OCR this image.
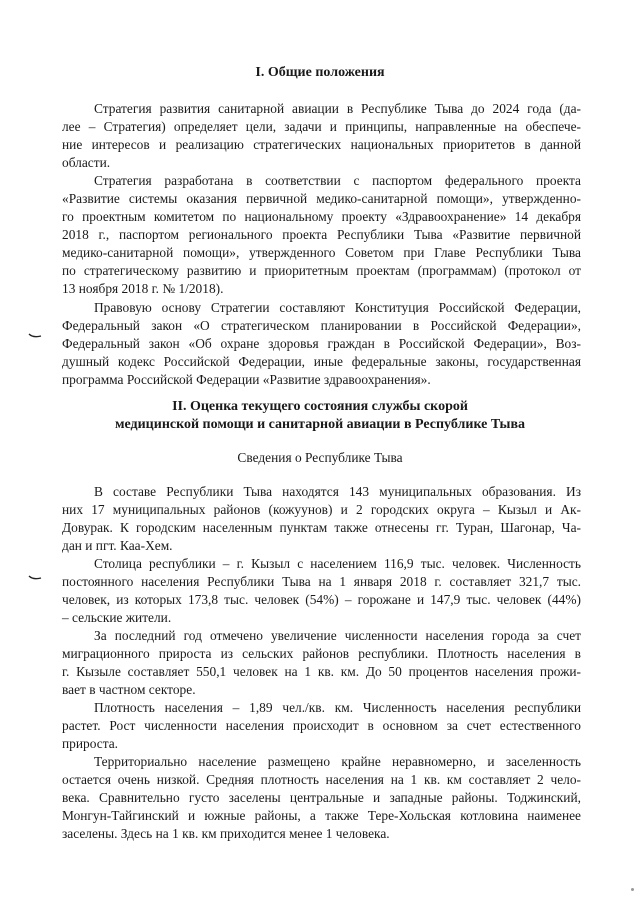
I. Общие положения
Стратегия развития санитарной авиации в Республике Тыва до 2024 года (да-
лее – Стратегия) определяет цели, задачи и принципы, направленные на обеспече-
ние интересов и реализацию стратегических национальных приоритетов в данной
области.
Стратегия разработана в соответствии с паспортом федерального проекта
«Развитие системы оказания первичной медико-санитарной помощи», утвержденно-
го проектным комитетом по национальному проекту «Здравоохранение» 14 декабря
2018 г., паспортом регионального проекта Республики Тыва «Развитие первичной
медико-санитарной помощи», утвержденного Советом при Главе Республики Тыва
по стратегическому развитию и приоритетным проектам (программам) (протокол от
13 ноября 2018 г. № 1/2018).
Правовую основу Стратегии составляют Конституция Российской Федерации,
Федеральный закон «О стратегическом планировании в Российской Федерации»,
Федеральный закон «Об охране здоровья граждан в Российской Федерации», Воз-
душный кодекс Российской Федерации, иные федеральные законы, государственная
программа Российской Федерации «Развитие здравоохранения».
II. Оценка текущего состояния службы скорой
медицинской помощи и санитарной авиации в Республике Тыва
Сведения о Республике Тыва
В составе Республики Тыва находятся 143 муниципальных образования. Из
них 17 муниципальных районов (кожуунов) и 2 городских округа – Кызыл и Ак-
Довурак. К городским населенным пунктам также отнесены гг. Туран, Шагонар, Ча-
дан и пгт. Каа-Хем.
Столица республики – г. Кызыл с населением 116,9 тыс. человек. Численность
постоянного населения Республики Тыва на 1 января 2018 г. составляет 321,7 тыс.
человек, из которых 173,8 тыс. человек (54%) – горожане и 147,9 тыс. человек (44%)
– сельские жители.
За последний год отмечено увеличение численности населения города за счет
миграционного прироста из сельских районов республики. Плотность населения в
г. Кызыле составляет 550,1 человек на 1 кв. км. До 50 процентов населения прожи-
вает в частном секторе.
Плотность населения – 1,89 чел./кв. км. Численность населения республики
растет. Рост численности населения происходит в основном за счет естественного
прироста.
Территориально население размещено крайне неравномерно, и заселенность
остается очень низкой. Средняя плотность населения на 1 кв. км составляет 2 чело-
века. Сравнительно густо заселены центральные и западные районы. Тоджинский,
Монгун-Тайгинский и южные районы, а также Тере-Хольская котловина наименее
заселены. Здесь на 1 кв. км приходится менее 1 человека.
